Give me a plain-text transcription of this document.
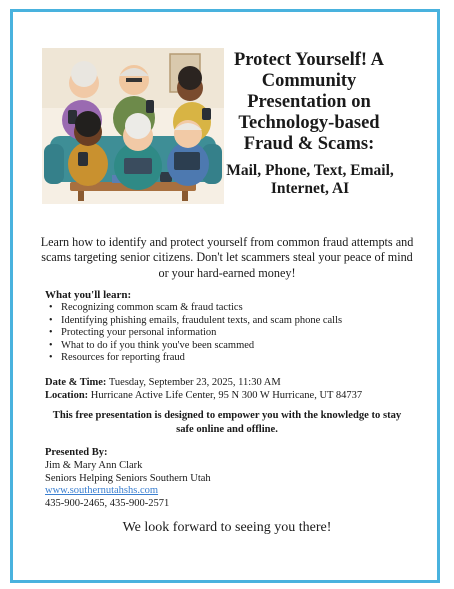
Protect Yourself! A Community Presentation on Technology-based Fraud & Scams:
Mail, Phone, Text, Email, Internet, AI

Learn how to identify and protect yourself from common fraud attempts and scams targeting senior citizens. Don't let scammers steal your peace of mind or your hard-earned money!

What you'll learn:

• Recognizing common scam & fraud tactics
• Identifying phishing emails, fraudulent texts, and scam phone calls
• Protecting your personal information
• What to do if you think you've been scammed
• Resources for reporting fraud
Date & Time: Tuesday, September 23, 2025, 11:30 AM
Location: Hurricane Active Life Center, 95 N 300 W Hurricane, UT 84737

This free presentation is designed to empower you with the knowledge to stay safe online and offline.

Presented By:
Jim & Mary Ann Clark
Seniors Helping Seniors Southern Utah
www.southernutahshs.com
435-900-2465, 435-900-2571

We look forward to seeing you there!
